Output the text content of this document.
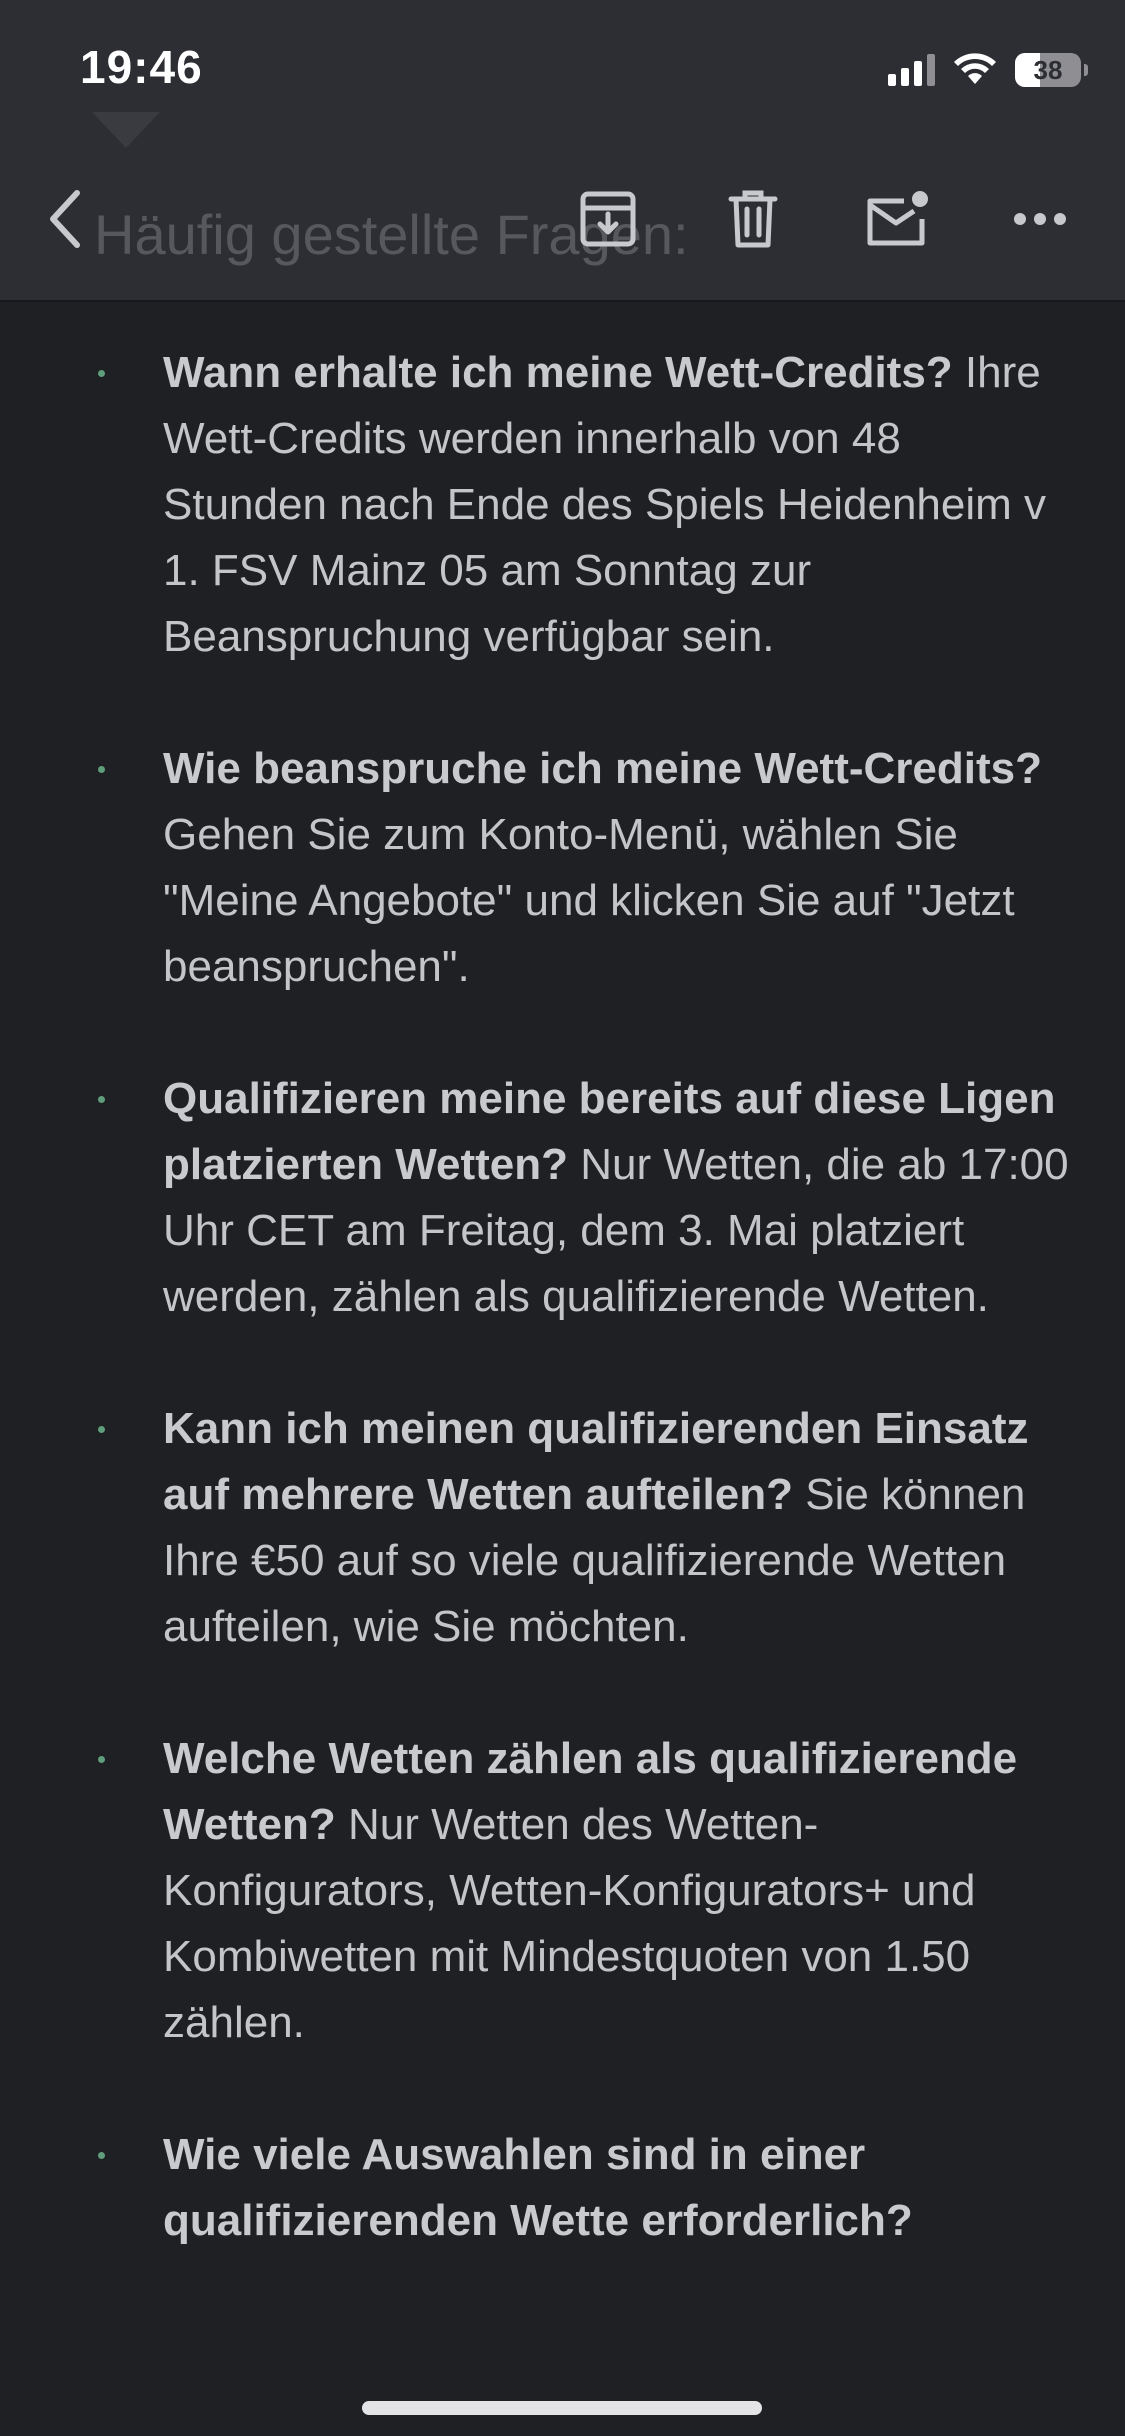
19:46	38
Häufig gestellte Fragen:
Wann erhalte ich meine Wett-Credits? Ihre Wett-Credits werden innerhalb von 48 Stunden nach Ende des Spiels Heidenheim v 1. FSV Mainz 05 am Sonntag zur Beanspruchung verfügbar sein.
Wie beanspruche ich meine Wett-Credits? Gehen Sie zum Konto-Menü, wählen Sie "Meine Angebote" und klicken Sie auf "Jetzt beanspruchen".
Qualifizieren meine bereits auf diese Ligen platzierten Wetten? Nur Wetten, die ab 17:00 Uhr CET am Freitag, dem 3. Mai platziert werden, zählen als qualifizierende Wetten.
Kann ich meinen qualifizierenden Einsatz auf mehrere Wetten aufteilen? Sie können Ihre €50 auf so viele qualifizierende Wetten aufteilen, wie Sie möchten.
Welche Wetten zählen als qualifizierende Wetten? Nur Wetten des Wetten-Konfigurators, Wetten-Konfigurators+ und Kombiwetten mit Mindestquoten von 1.50 zählen.
Wie viele Auswahlen sind in einer qualifizierenden Wette erforderlich?
